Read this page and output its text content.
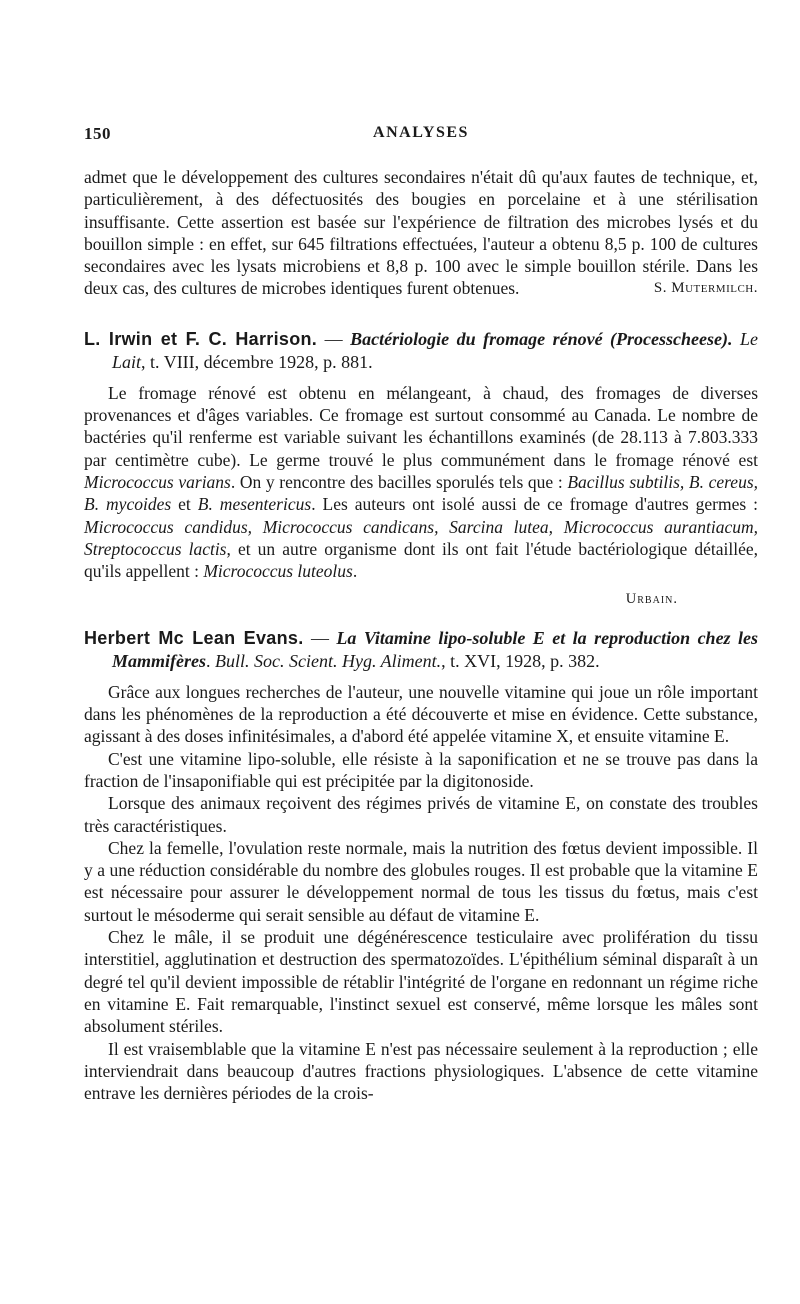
150	ANALYSES

admet que le développement des cultures secondaires n'était dû qu'aux fautes de technique, et, particulièrement, à des défectuosités des bougies en porcelaine et à une stérilisation insuffisante. Cette assertion est basée sur l'expérience de filtration des microbes lysés et du bouillon simple : en effet, sur 645 filtrations effectuées, l'auteur a obtenu 8,5 p. 100 de cultures secondaires avec les lysats microbiens et 8,8 p. 100 avec le simple bouillon stérile. Dans les deux cas, des cultures de microbes identiques furent obtenues.	S. Mutermilch.

L. Irwin et F. C. Harrison. — Bactériologie du fromage rénové (Processcheese). Le Lait, t. VIII, décembre 1928, p. 881.

Le fromage rénové est obtenu en mélangeant, à chaud, des fromages de diverses provenances et d'âges variables. Ce fromage est surtout consommé au Canada. Le nombre de bactéries qu'il renferme est variable suivant les échantillons examinés (de 28.113 à 7.803.333 par centimètre cube). Le germe trouvé le plus communément dans le fromage rénové est Micrococcus varians. On y rencontre des bacilles sporulés tels que : Bacillus subtilis, B. cereus, B. mycoides et B. mesentericus. Les auteurs ont isolé aussi de ce fromage d'autres germes : Micrococcus candidus, Micrococcus candicans, Sarcina lutea, Micrococcus aurantiacum, Streptococcus lactis, et un autre organisme dont ils ont fait l'étude bactériologique détaillée, qu'ils appellent : Micrococcus luteolus.

Urbain.

Herbert Mc Lean Evans. — La Vitamine lipo-soluble E et la reproduction chez les Mammifères. Bull. Soc. Scient. Hyg. Aliment., t. XVI, 1928, p. 382.

Grâce aux longues recherches de l'auteur, une nouvelle vitamine qui joue un rôle important dans les phénomènes de la reproduction a été découverte et mise en évidence. Cette substance, agissant à des doses infinitésimales, a d'abord été appelée vitamine X, et ensuite vitamine E.

C'est une vitamine lipo-soluble, elle résiste à la saponification et ne se trouve pas dans la fraction de l'insaponifiable qui est précipitée par la digitonoside.

Lorsque des animaux reçoivent des régimes privés de vitamine E, on constate des troubles très caractéristiques.

Chez la femelle, l'ovulation reste normale, mais la nutrition des fœtus devient impossible. Il y a une réduction considérable du nombre des globules rouges. Il est probable que la vitamine E est nécessaire pour assurer le développement normal de tous les tissus du fœtus, mais c'est surtout le mésoderme qui serait sensible au défaut de vitamine E.

Chez le mâle, il se produit une dégénérescence testiculaire avec prolifération du tissu interstitiel, agglutination et destruction des spermatozoïdes. L'épithélium séminal disparaît à un degré tel qu'il devient impossible de rétablir l'intégrité de l'organe en redonnant un régime riche en vitamine E. Fait remarquable, l'instinct sexuel est conservé, même lorsque les mâles sont absolument stériles.

Il est vraisemblable que la vitamine E n'est pas nécessaire seulement à la reproduction ; elle interviendrait dans beaucoup d'autres fractions physiologiques. L'absence de cette vitamine entrave les dernières périodes de la crois-
